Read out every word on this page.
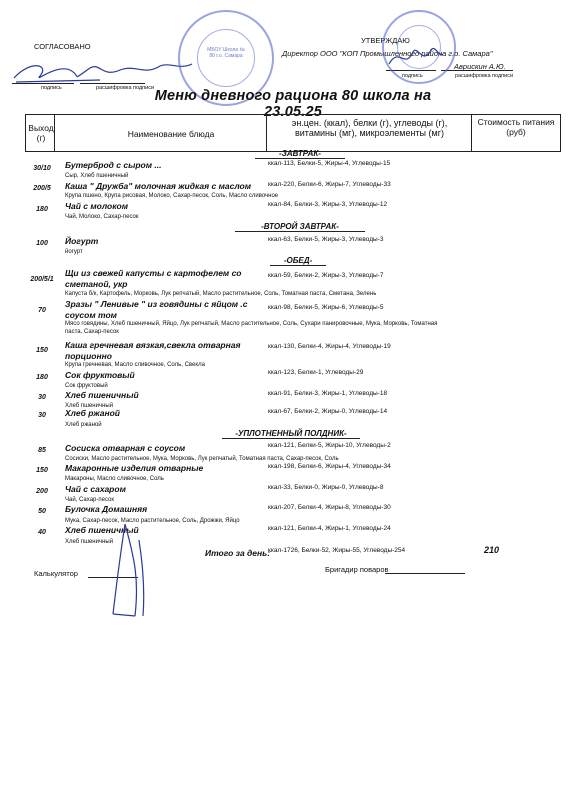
СОГЛАСОВАНО
подпись	расшифровка подписи
УТВЕРЖДАЮ
Директор ООО "КОП Промышленного района г.о. Самара"
Аврискин А.Ю.
подпись	расшифровка подписи
МБОУ Школа № 80 г.о. Самара
Меню дневного рациона 80 школа на 23.05.25
Выход (г)	Наименование блюда
эн.цен. (ккал), белки (г), углеводы (г), витамины (мг), микроэлементы (мг)
Стоимость питания (руб)
-ЗАВТРАК-
30/10	Бутерброд с сыром ...
Сыр, Хлеб пшеничный
ккал-113, Белки-5, Жиры-4, Углеводы-15
200/5	Каша " Дружба" молочная жидкая с маслом
Крупа пшено, Крупа рисовая, Молоко, Сахар-песок, Соль, Масло сливочное
ккал-220, Белки-6, Жиры-7, Углеводы-33
180	Чай с молоком
Чай, Молоко, Сахар-песок
ккал-84, Белки-3, Жиры-3, Углеводы-12
-ВТОРОЙ ЗАВТРАК-
100	Йогурт
йогурт
ккал-63, Белки-5, Жиры-3, Углеводы-3
-ОБЕД-
200/5/1
Щи из свежей капусты с картофелем со сметаной, укр
Капуста б/к, Картофель, Морковь, Лук репчатый, Масло растительное, Соль, Томатная паста, Сметана, Зелень
ккал-59, Белки-2, Жиры-3, Углеводы-7
70
Зразы " Ленивые " из говядины с яйцом .с соусом том
Мясо говядины, Хлеб пшеничный, Яйцо, Лук репчатый, Масло растительное, Соль, Сухари панировочные, Мука, Морковь, Томатная паста, Сахар-песок
ккал-98, Белки-5, Жиры-6, Углеводы-5
150
Каша гречневая вязкая,свекла отварная порционно
Крупа гречневая, Масло сливочное, Соль, Свекла
ккал-130, Белки-4, Жиры-4, Углеводы-19
180	Сок фруктовый
Сок фруктовый
ккал-123, Белки-1, Углеводы-29
30	Хлеб пшеничный
Хлеб пшеничный
ккал-91, Белки-3, Жиры-1, Углеводы-18
30	Хлеб ржаной
Хлеб ржаной
ккал-67, Белки-2, Жиры-0, Углеводы-14
-УПЛОТНЕННЫЙ ПОЛДНИК-
85	Сосиска отварная с соусом
Сосиски, Масло растительное, Мука, Морковь, Лук репчатый, Томатная паста, Сахар-песок, Соль
ккал-121, Белки-5, Жиры-10, Углеводы-2
150	Макаронные изделия отварные
Макароны, Масло сливочное, Соль
ккал-198, Белки-6, Жиры-4, Углеводы-34
200	Чай с сахаром
Чай, Сахар-песок
ккал-33, Белки-0, Жиры-0, Углеводы-8
50	Булочка Домашняя
Мука, Сахар-песок, Масло растительное, Соль, Дрожжи, Яйцо
ккал-207, Белки-4, Жиры-8, Углеводы-30
40	Хлеб пшеничный
Хлеб пшеничный
ккал-121, Белки-4, Жиры-1, Углеводы-24
Итого за день:
ккал-1726, Белки-52, Жиры-55, Углеводы-254	210
Калькулятор	Бригадир поваров
